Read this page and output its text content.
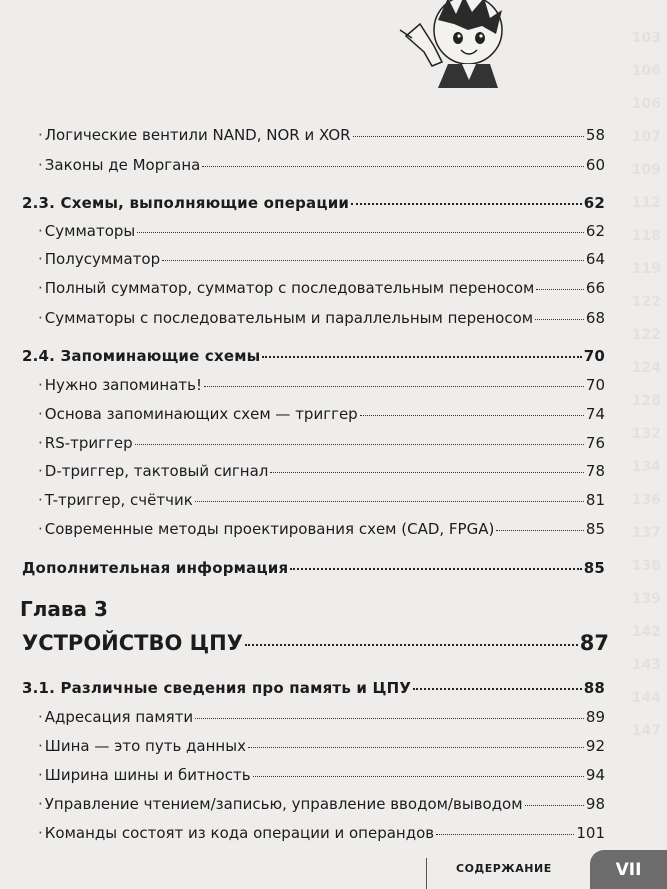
103
106
106
107
109
112
118
119
122
122
124
128
132
134
136
137
138
139
142
143
144
147
· Логические вентили NAND, NOR и XOR	58
· Законы де Моргана	60
2.3. Схемы, выполняющие операции	62
· Сумматоры	62
· Полусумматор	64
· Полный сумматор, сумматор с последовательным переносом	66
· Сумматоры с последовательным и параллельным переносом	68
2.4. Запоминающие схемы	70
· Нужно запоминать!	70
· Основа запоминающих схем — триггер	74
· RS-триггер	76
· D-триггер, тактовый сигнал	78
· T-триггер, счётчик	81
· Современные методы проектирования схем (CAD, FPGA)	85
Дополнительная информация	85
УСТРОЙСТВО ЦПУ	87
3.1. Различные сведения про память и ЦПУ	88
· Адресация памяти	89
· Шина — это путь данных	92
· Ширина шины и битность	94
· Управление чтением/записью, управление вводом/выводом	98
· Команды состоят из кода операции и операндов	101
Глава 3
СОДЕРЖАНИЕ	VII
